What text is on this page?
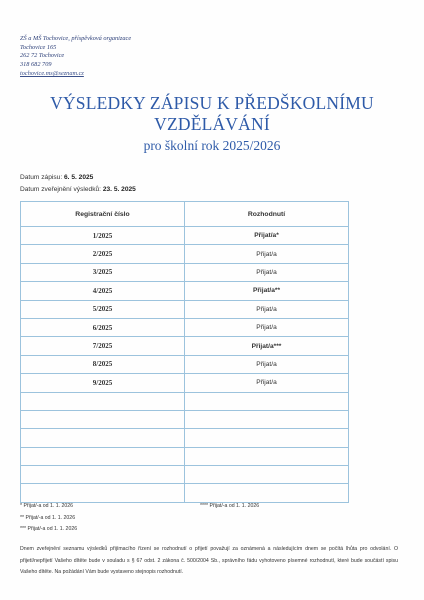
ZŠ a MŠ Tochovice, příspěvková organizace
Tochovice 165
262 72 Tochovice
318 682 709
tochovice.ms@seznam.cz
VÝSLEDKY ZÁPISU K PŘEDŠKOLNÍMU
VZDĚLÁVÁNÍ
pro školní rok 2025/2026
Datum zápisu: 6. 5. 2025
Datum zveřejnění výsledků: 23. 5. 2025
Registrační číslo	Rozhodnutí
1/2025	Přijat/a*
2/2025	Přijat/a
3/2025	Přijat/a
4/2025	Přijat/a**
5/2025	Přijat/a
6/2025	Přijat/a
7/2025	Přijat/a***
8/2025	Přijat/a
9/2025	Přijat/a

* Přijat/-a od 1. 1. 2026
** Přijat/-a od 1. 1. 2026
*** Přijat/-a od 1. 1. 2026
**** Přijat/-a od 1. 1. 2026
Dnem zveřejnění seznamu výsledků přijímacího řízení se rozhodnutí o přijetí považují za oznámená a následujícím dnem se počítá lhůta pro odvolání. O přijetí/nepřijetí Vašeho dítěte bude v souladu s § 67 odst. 2 zákona č. 500/2004 Sb., správního řádu vyhotoveno písemné rozhodnutí, které bude součástí spisu Vašeho dítěte. Na požádání Vám bude vystaveno stejnopis rozhodnutí.
